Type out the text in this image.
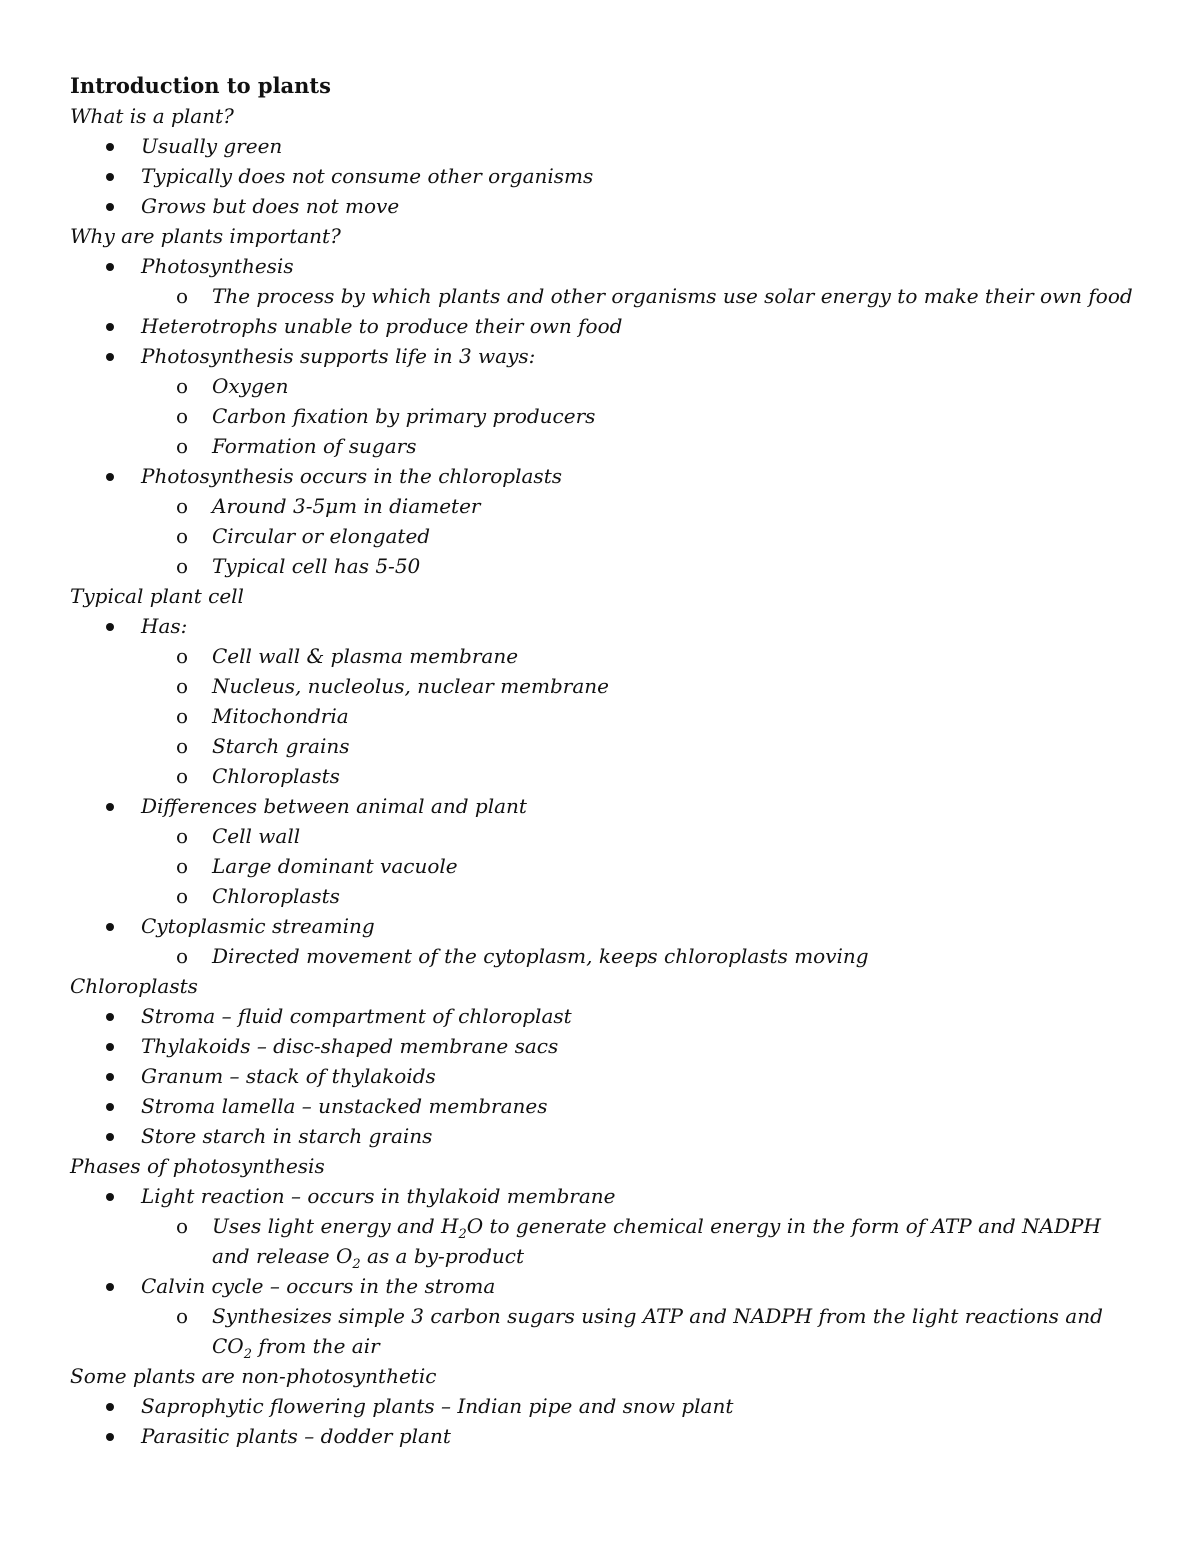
Introduction to plants
What is a plant?
Usually green
Typically does not consume other organisms
Grows but does not move
Why are plants important?
Photosynthesis
o The process by which plants and other organisms use solar energy to make their own food
Heterotrophs unable to produce their own food
Photosynthesis supports life in 3 ways:
o Oxygen
o Carbon fixation by primary producers
o Formation of sugars
Photosynthesis occurs in the chloroplasts
o Around 3-5μm in diameter
o Circular or elongated
o Typical cell has 5-50
Typical plant cell
Has:
o Cell wall & plasma membrane
o Nucleus, nucleolus, nuclear membrane
o Mitochondria
o Starch grains
o Chloroplasts
Differences between animal and plant
o Cell wall
o Large dominant vacuole
o Chloroplasts
Cytoplasmic streaming
o Directed movement of the cytoplasm, keeps chloroplasts moving
Chloroplasts
Stroma – fluid compartment of chloroplast
Thylakoids – disc-shaped membrane sacs
Granum – stack of thylakoids
Stroma lamella – unstacked membranes
Store starch in starch grains
Phases of photosynthesis
Light reaction – occurs in thylakoid membrane
o Uses light energy and $H_2O$ to generate chemical energy in the form of ATP and NADPH and release $O_2$ as a by-product
Calvin cycle – occurs in the stroma
o Synthesizes simple 3 carbon sugars using ATP and NADPH from the light reactions and $CO_2$ from the air
Some plants are non-photosynthetic
Saprophytic flowering plants – Indian pipe and snow plant
Parasitic plants – dodder plant
